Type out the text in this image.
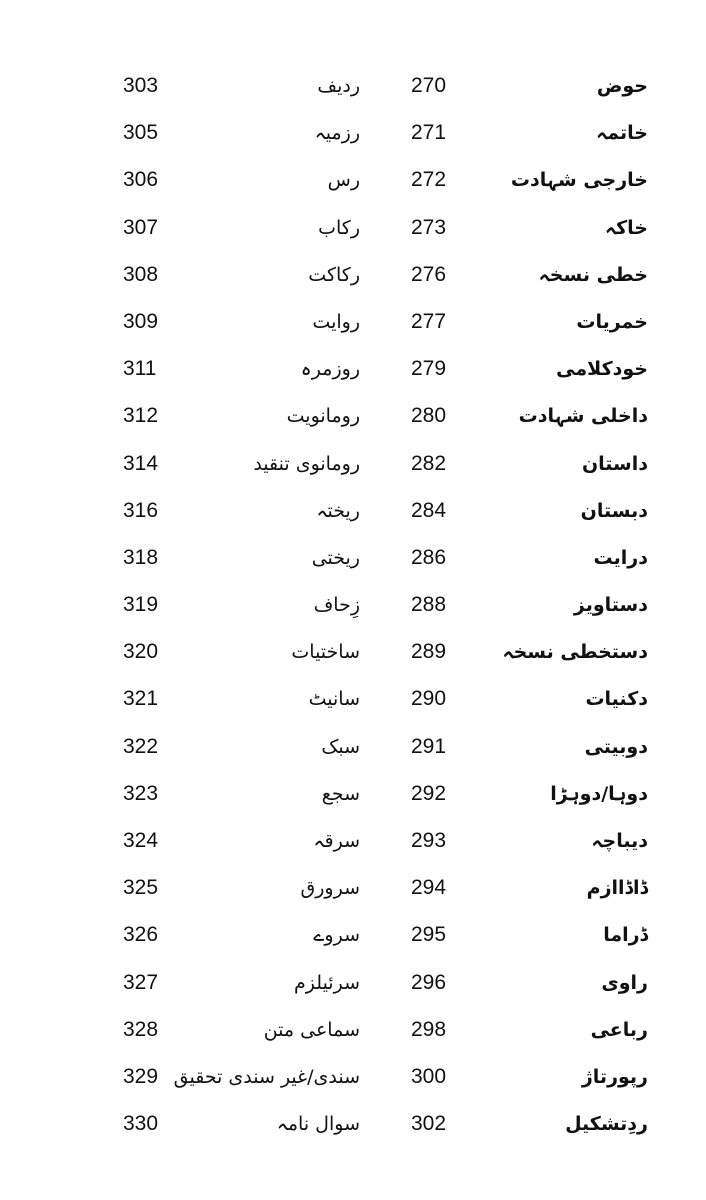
303	ردیف 270	حوض
305	رزمیہ 271	خاتمہ
306	رس 272	خارجی شہادت
307	رکاب 273	خاکہ
308	رکاکت 276	خطی نسخہ
309	روایت 277	خمریات
311	روزمرہ 279	خودکلامی
312	رومانویت 280	داخلی شہادت
314	رومانوی تنقید 282	داستان
316	ریختہ 284	دبستان
318	ریختی 286	درایت
319	زِحاف 288	دستاویز
320	ساختیات 289	دستخطی نسخہ
321	سانیٹ 290	دکنیات
322	سبک 291	دوبیتی
323	سجع 292	دوہا/دوہڑا
324	سرقہ 293	دیباچہ
325	سرورق 294	ڈاڈاازم
326	سروے 295	ڈراما
327	سرئیلزم 296	راوی
328	سماعی متن 298	رباعی
329 سندی/غیر سندی تحقیق 300	رپورتاژ
330	سوال نامہ 302	ردِتشکیل
